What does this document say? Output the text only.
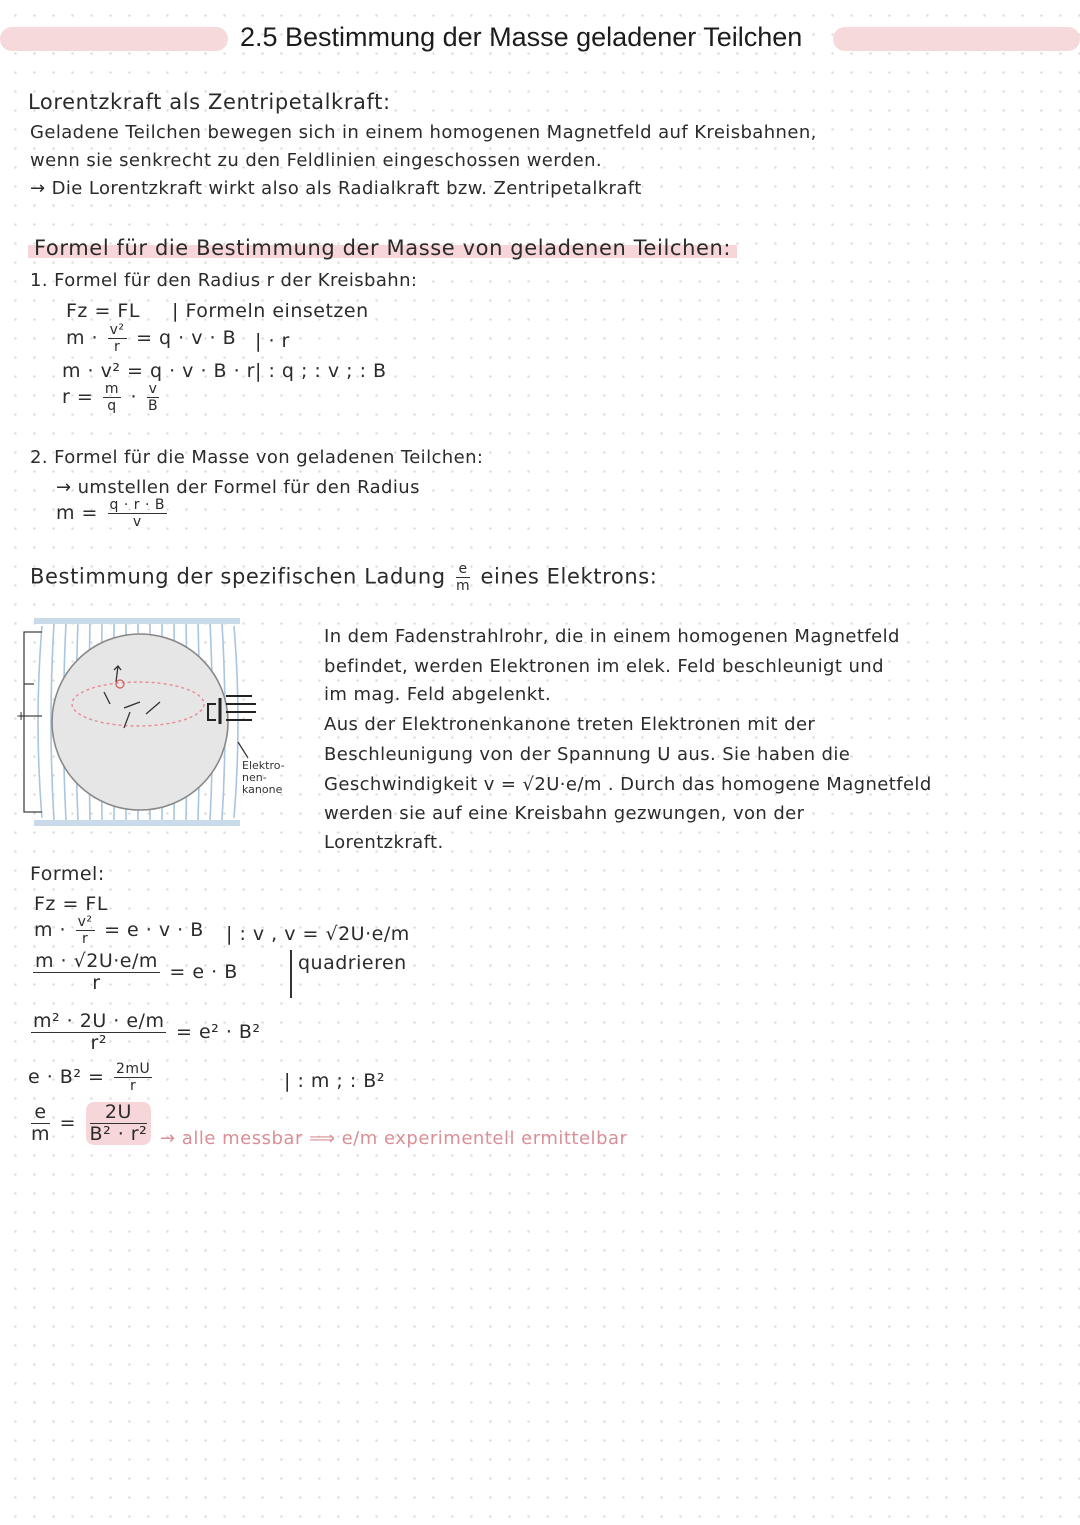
2.5 Bestimmung der Masse geladener Teilchen
Lorentzkraft als Zentripetalkraft:
Geladene Teilchen bewegen sich in einem homogenen Magnetfeld auf Kreisbahnen,
wenn sie senkrecht zu den Feldlinien eingeschossen werden.
→ Die Lorentzkraft wirkt also als Radialkraft bzw. Zentripetalkraft
Formel für die Bestimmung der Masse von geladenen Teilchen:
1. Formel für den Radius r der Kreisbahn:
Fz = FL | Formeln einsetzen
$m \cdot \frac{\text{v²}}{r} = q \cdot v \cdot B$ | · r
m · v² = q · v · B · r | : q ; : v ; : B
$r = \frac{m}{q} \cdot \frac{v}{B}$
2. Formel für die Masse von geladenen Teilchen:
→ umstellen der Formel für den Radius
$m = \frac{q \cdot r \cdot B}{v}$
Bestimmung der spezifischen Ladung $\frac{e}{m}$ eines Elektrons:
+
Elektro-
nen-
kanone
In dem Fadenstrahlrohr, die in einem homogenen Magnetfeld
befindet, werden Elektronen im elek. Feld beschleunigt und
im mag. Feld abgelenkt.
Aus der Elektronenkanone treten Elektronen mit der
Beschleunigung von der Spannung U aus. Sie haben die
Geschwindigkeit v = √2U·e/m . Durch das homogene Magnetfeld
werden sie auf eine Kreisbahn gezwungen, von der
Lorentzkraft.
Formel:
Fz = FL
$m \cdot \frac{\text{v²}}{r} = e \cdot v \cdot B$ | : v , v = √2U·e/m
quadrieren
$\frac{m \cdot √2U\cdot e/m}{r} = e \cdot B$
$\frac{\text{m² · 2U · e/m}}{\text{r²}} = e^2 \cdot B^2$
$e \cdot B^2 = \frac{2mU}{r}$	| : m ; : B²
$\frac{e}{m} = \frac{2U}{\text{B² · r²}}$ → alle messbar ⟹ e/m experimentell ermittelbar
